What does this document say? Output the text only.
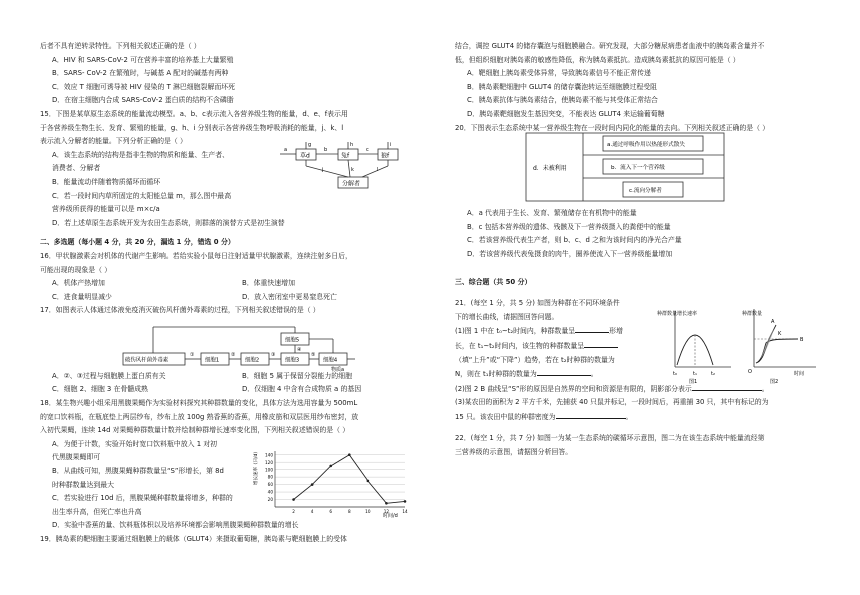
后者不具有逆转录特性。下列相关叙述正确的是（ ）

A．HIV 和 SARS-CoV-2 可在营养丰富的培养基上大量繁殖

B．SARS- CoV-2 在繁殖时，与碱基 A 配对的碱基有两种

C．效应 T 细胞可诱导被 HIV 侵染的 T 淋巴细胞裂解而坏死

D．在宿主细胞内合成 SARS-CoV-2 蛋白质的结构不含磷脂

15．下图是某草原生态系统的能量流动模型。a、b、c表示流入各营养级生物的能量，d、e、f表示用

于各营养级生物生长、发育、繁殖的能量，g、h、i 分别表示各营养级生物呼吸消耗的能量，j、k、l

表示流入分解者的能量。下列分析正确的是（ ）

A．该生态系统的结构是指非生物的物质和能量、生产者、

消费者、分解者

B．能量流动伴随着物质循环而循环

C．若一段时间内草所固定的太阳能总量 m，那么图中最高

营养级所获得的能量可以是 m×c/a

D．若上述草原生态系统开发为农田生态系统，则群落的演替方式是初生演替

二、多选题（每小题 4 分，共 20 分，漏选 1 分，错选 0 分）

16．甲状腺激素会对机体的代谢产生影响。若给实验小鼠每日注射适量甲状腺激素，连续注射多日后，

可能出现的现象是（ ）

A．机体产热增加	B．体重快速增加
C．进食量明显减少	D．放入密闭室中更易窒息死亡

17．如图表示人体通过体液免疫消灭破伤风杆菌外毒素的过程，下列相关叙述错误的是（ ）

A．②、③过程与细胞膜上蛋白质有关	B．细胞 5 属于保留分裂能力的细胞
C．细胞 2、细胞 3 在骨髓成熟	D．仅细胞 4 中含有合成物质 a 的基因

18．某生物兴趣小组采用黑腹果蝇作为实验材料探究其种群数量的变化，具体方法为选用容量为 500mL

的宽口饮料瓶，在瓶底垫上两层纱布，纱布上放 100g 熟香蕉的香蕉，用橡皮筋和双层医用纱布密封，放

入初代果蝇，连续 14d 对果蝇种群数量计数并绘制种群增长速率变化图，下列相关叙述错误的是（ ）

A．为便于计数，实验开始时宽口饮料瓶中放入 1 对初

代黑腹果蝇即可

B．从曲线可知，黑腹果蝇种群数量呈“S”形增长，第 8d

时种群数量达到最大

C．若实验进行 10d 后，黑腹果蝇种群数量将增多，种群的

出生率升高，但死亡率也升高

D．实验中香蕉的量、饮料瓶体积以及培养环境都会影响黑腹果蝇种群数量的增长

19．胰岛素的靶细胞主要通过细胞膜上的载体（GLUT4）来摄取葡萄糖，胰岛素与靶细胞膜上的受体

草d	兔f	狼f
分解者
a	b	c
g	h	i
j	k	l
破伤风杆菌外毒素	细胞1	细胞2	细胞3	细胞4
细胞5
①	②	③
④
⑤
物质a
20
40
60
80
100
120
140
2	4	6	8	10	12	14
增长速率（只/d）
时间/d

结合，调控 GLUT4 的储存囊泡与细胞膜融合。研究发现，大部分糖尿病患者血液中的胰岛素含量并不

低，但组织细胞对胰岛素的敏感性降低，称为胰岛素抵抗。造成胰岛素抵抗的原因可能是（ ）

A．靶细胞上胰岛素受体异常，导致胰岛素信号不能正常传递

B．胰岛素靶细胞中 GLUT4 的储存囊泡转运至细胞膜过程受阻

C．胰岛素抗体与胰岛素结合，使胰岛素不能与其受体正常结合

D．胰岛素靶细胞发生基因突变，不能表达 GLUT4 来运输葡萄糖

20．下图表示生态系统中某一营养级生物在一段时间内同化的能量的去向。下列相关叙述正确的是（ ）

A．a 代表用于生长、发育、繁殖储存在有机物中的能量

B．c 包括本营养级的遗体、残骸及下一营养级摄入的粪便中的能量

C．若该营养级代表生产者，则 b、c、d 之和为该时间内的净光合产量

D．若该营养级代表兔摄食的肉牛，圈养使流入下一营养级能量增加

三、综合题（共 50 分）

21．(每空 1 分，共 5 分) 如图为种群在不同环境条件

下的增长曲线，请据图回答问题。

(1)图 1 中在 t₀~t₂时间内，种群数量呈	形增

长，在 t₁~t₂时间内，该生物的种群数量呈

（填“上升”或“下降”）趋势，若在 t₂时种群的数量为

N，则在 t₁时种群的数量为	。

(2)图 2 B 曲线呈“S”形的原因是自然界的空间和资源是有限的，阴影部分表示	。

(3)某农田的面积为 2 平方千米，先捕获 40 只鼠并标记，一段时间后，再重捕 30 只，其中有标记的为

15 只。该农田中鼠的种群密度为	。

22．(每空 1 分，共 7 分) 如图一为某一生态系统的碳循环示意图，图二为在该生态系统中能量流经第

三营养级的示意图，请据图分析回答。

d．未被利用
a.通过呼吸作用以热能形式散失
b．流入下一个营养级
c.流向分解者
种群数量增长速率
t₀	t₁	t₂
图1
种群数量
A
K
B
O	时间
图2
